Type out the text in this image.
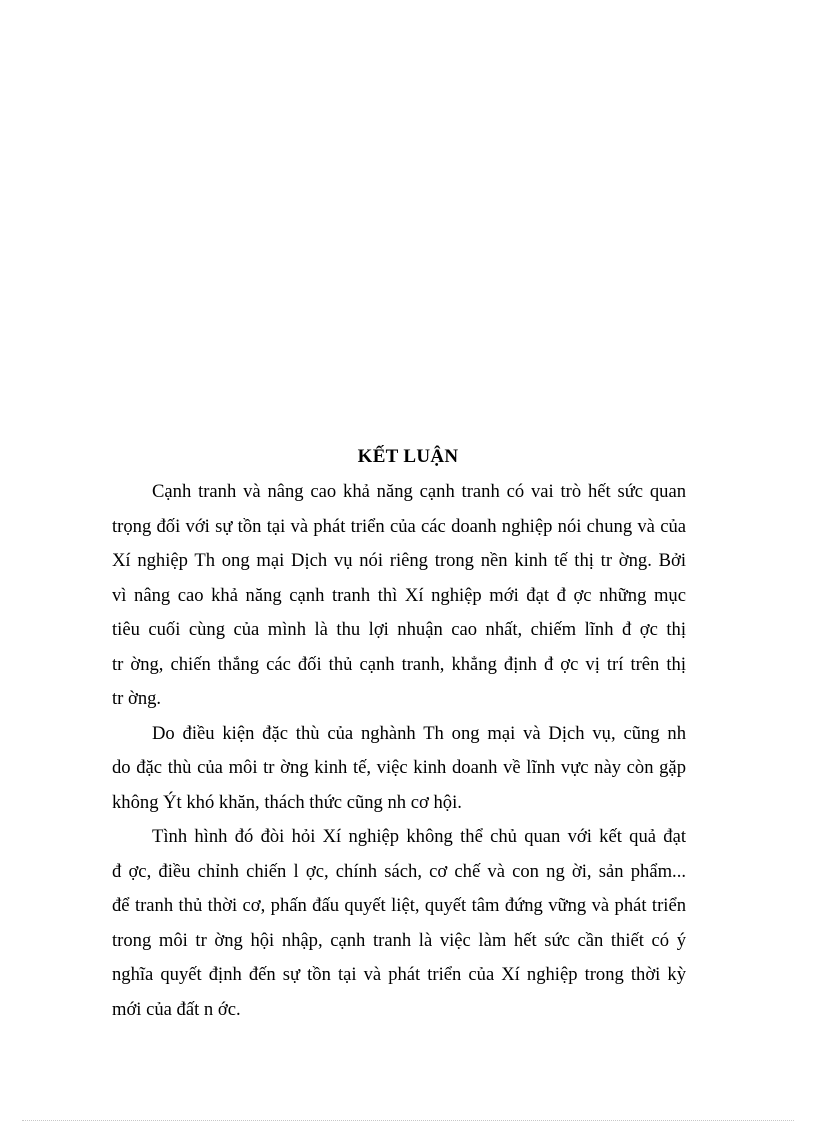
KẾT LUẬN
Cạnh tranh và nâng cao khả năng cạnh tranh có vai trò hết sức quan
trọng đối với sự tồn tại và phát triển của các doanh nghiệp nói chung và của
Xí nghiệp Th ong mại Dịch vụ nói riêng trong nền kinh tế thị tr ờng. Bởi
vì nâng cao khả năng cạnh tranh thì Xí nghiệp mới đạt đ ợc những mục
tiêu cuối cùng của mình là thu lợi nhuận cao nhất, chiếm lĩnh đ ợc thị
tr ờng, chiến thắng các đối thủ cạnh tranh, khẳng định đ ợc vị trí trên thị
tr ờng.
Do điều kiện đặc thù của nghành Th ong mại và Dịch vụ, cũng nh
do đặc thù của môi tr ờng kinh tế, việc kinh doanh về lĩnh vực này còn gặp
không Ýt khó khăn, thách thức cũng nh cơ hội.
Tình hình đó đòi hỏi Xí nghiệp không thể chủ quan với kết quả đạt
đ ợc, điều chỉnh chiến l ợc, chính sách, cơ chế và con ng ời, sản phẩm...
để tranh thủ thời cơ, phấn đấu quyết liệt, quyết tâm đứng vững và phát triển
trong môi tr ờng hội nhập, cạnh tranh là việc làm hết sức cần thiết có ý
nghĩa quyết định đến sự tồn tại và phát triển của Xí nghiệp trong thời kỳ
mới của đất n ớc.
